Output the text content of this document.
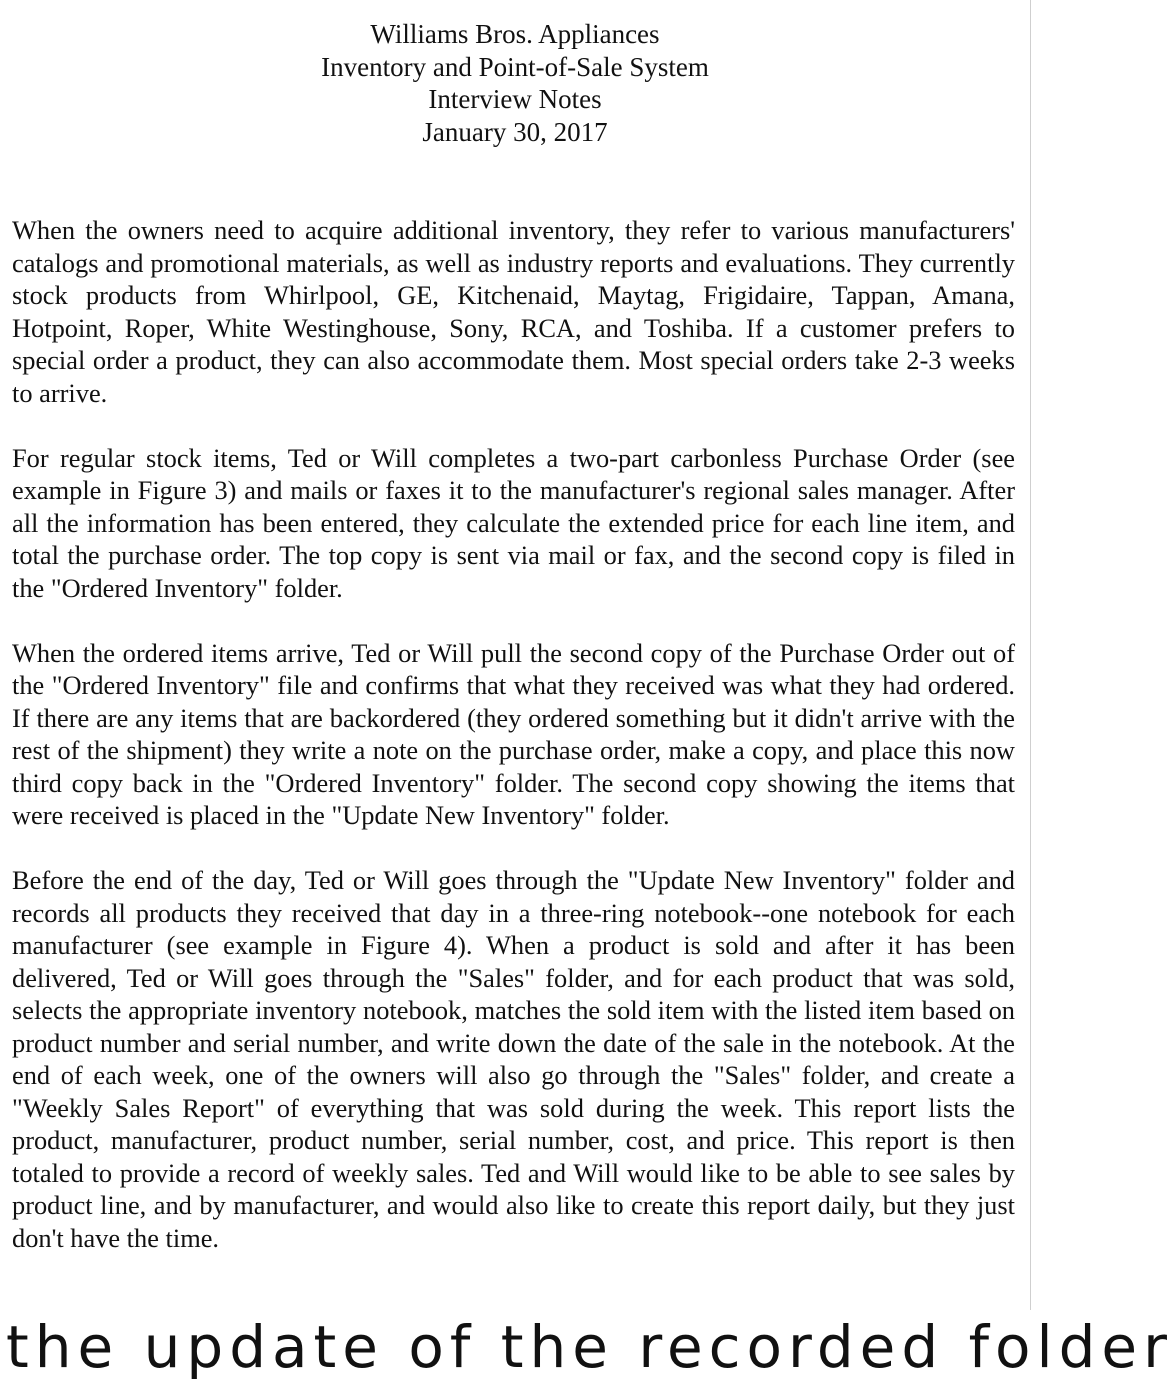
Williams Bros. Appliances
Inventory and Point-of-Sale System
Interview Notes
January 30, 2017

When the owners need to acquire additional inventory, they refer to various manufacturers' catalogs and promotional materials, as well as industry reports and evaluations. They currently stock products from Whirlpool, GE, Kitchenaid, Maytag, Frigidaire, Tappan, Amana, Hotpoint, Roper, White Westinghouse, Sony, RCA, and Toshiba. If a customer prefers to special order a product, they can also accommodate them. Most special orders take 2-3 weeks to arrive.

For regular stock items, Ted or Will completes a two-part carbonless Purchase Order (see example in Figure 3) and mails or faxes it to the manufacturer's regional sales manager. After all the information has been entered, they calculate the extended price for each line item, and total the purchase order. The top copy is sent via mail or fax, and the second copy is filed in the "Ordered Inventory" folder.

When the ordered items arrive, Ted or Will pull the second copy of the Purchase Order out of the "Ordered Inventory" file and confirms that what they received was what they had ordered. If there are any items that are backordered (they ordered something but it didn't arrive with the rest of the shipment) they write a note on the purchase order, make a copy, and place this now third copy back in the "Ordered Inventory" folder. The second copy showing the items that were received is placed in the "Update New Inventory" folder.

Before the end of the day, Ted or Will goes through the "Update New Inventory" folder and records all products they received that day in a three-ring notebook--one notebook for each manufacturer (see example in Figure 4). When a product is sold and after it has been delivered, Ted or Will goes through the "Sales" folder, and for each product that was sold, selects the appropriate inventory notebook, matches the sold item with the listed item based on product number and serial number, and write down the date of the sale in the notebook. At the end of each week, one of the owners will also go through the "Sales" folder, and create a "Weekly Sales Report" of everything that was sold during the week. This report lists the product, manufacturer, product number, serial number, cost, and price. This report is then totaled to provide a record of weekly sales. Ted and Will would like to be able to see sales by product line, and by manufacturer, and would also like to create this report daily, but they just don't have the time.

the update of the recorded folder
